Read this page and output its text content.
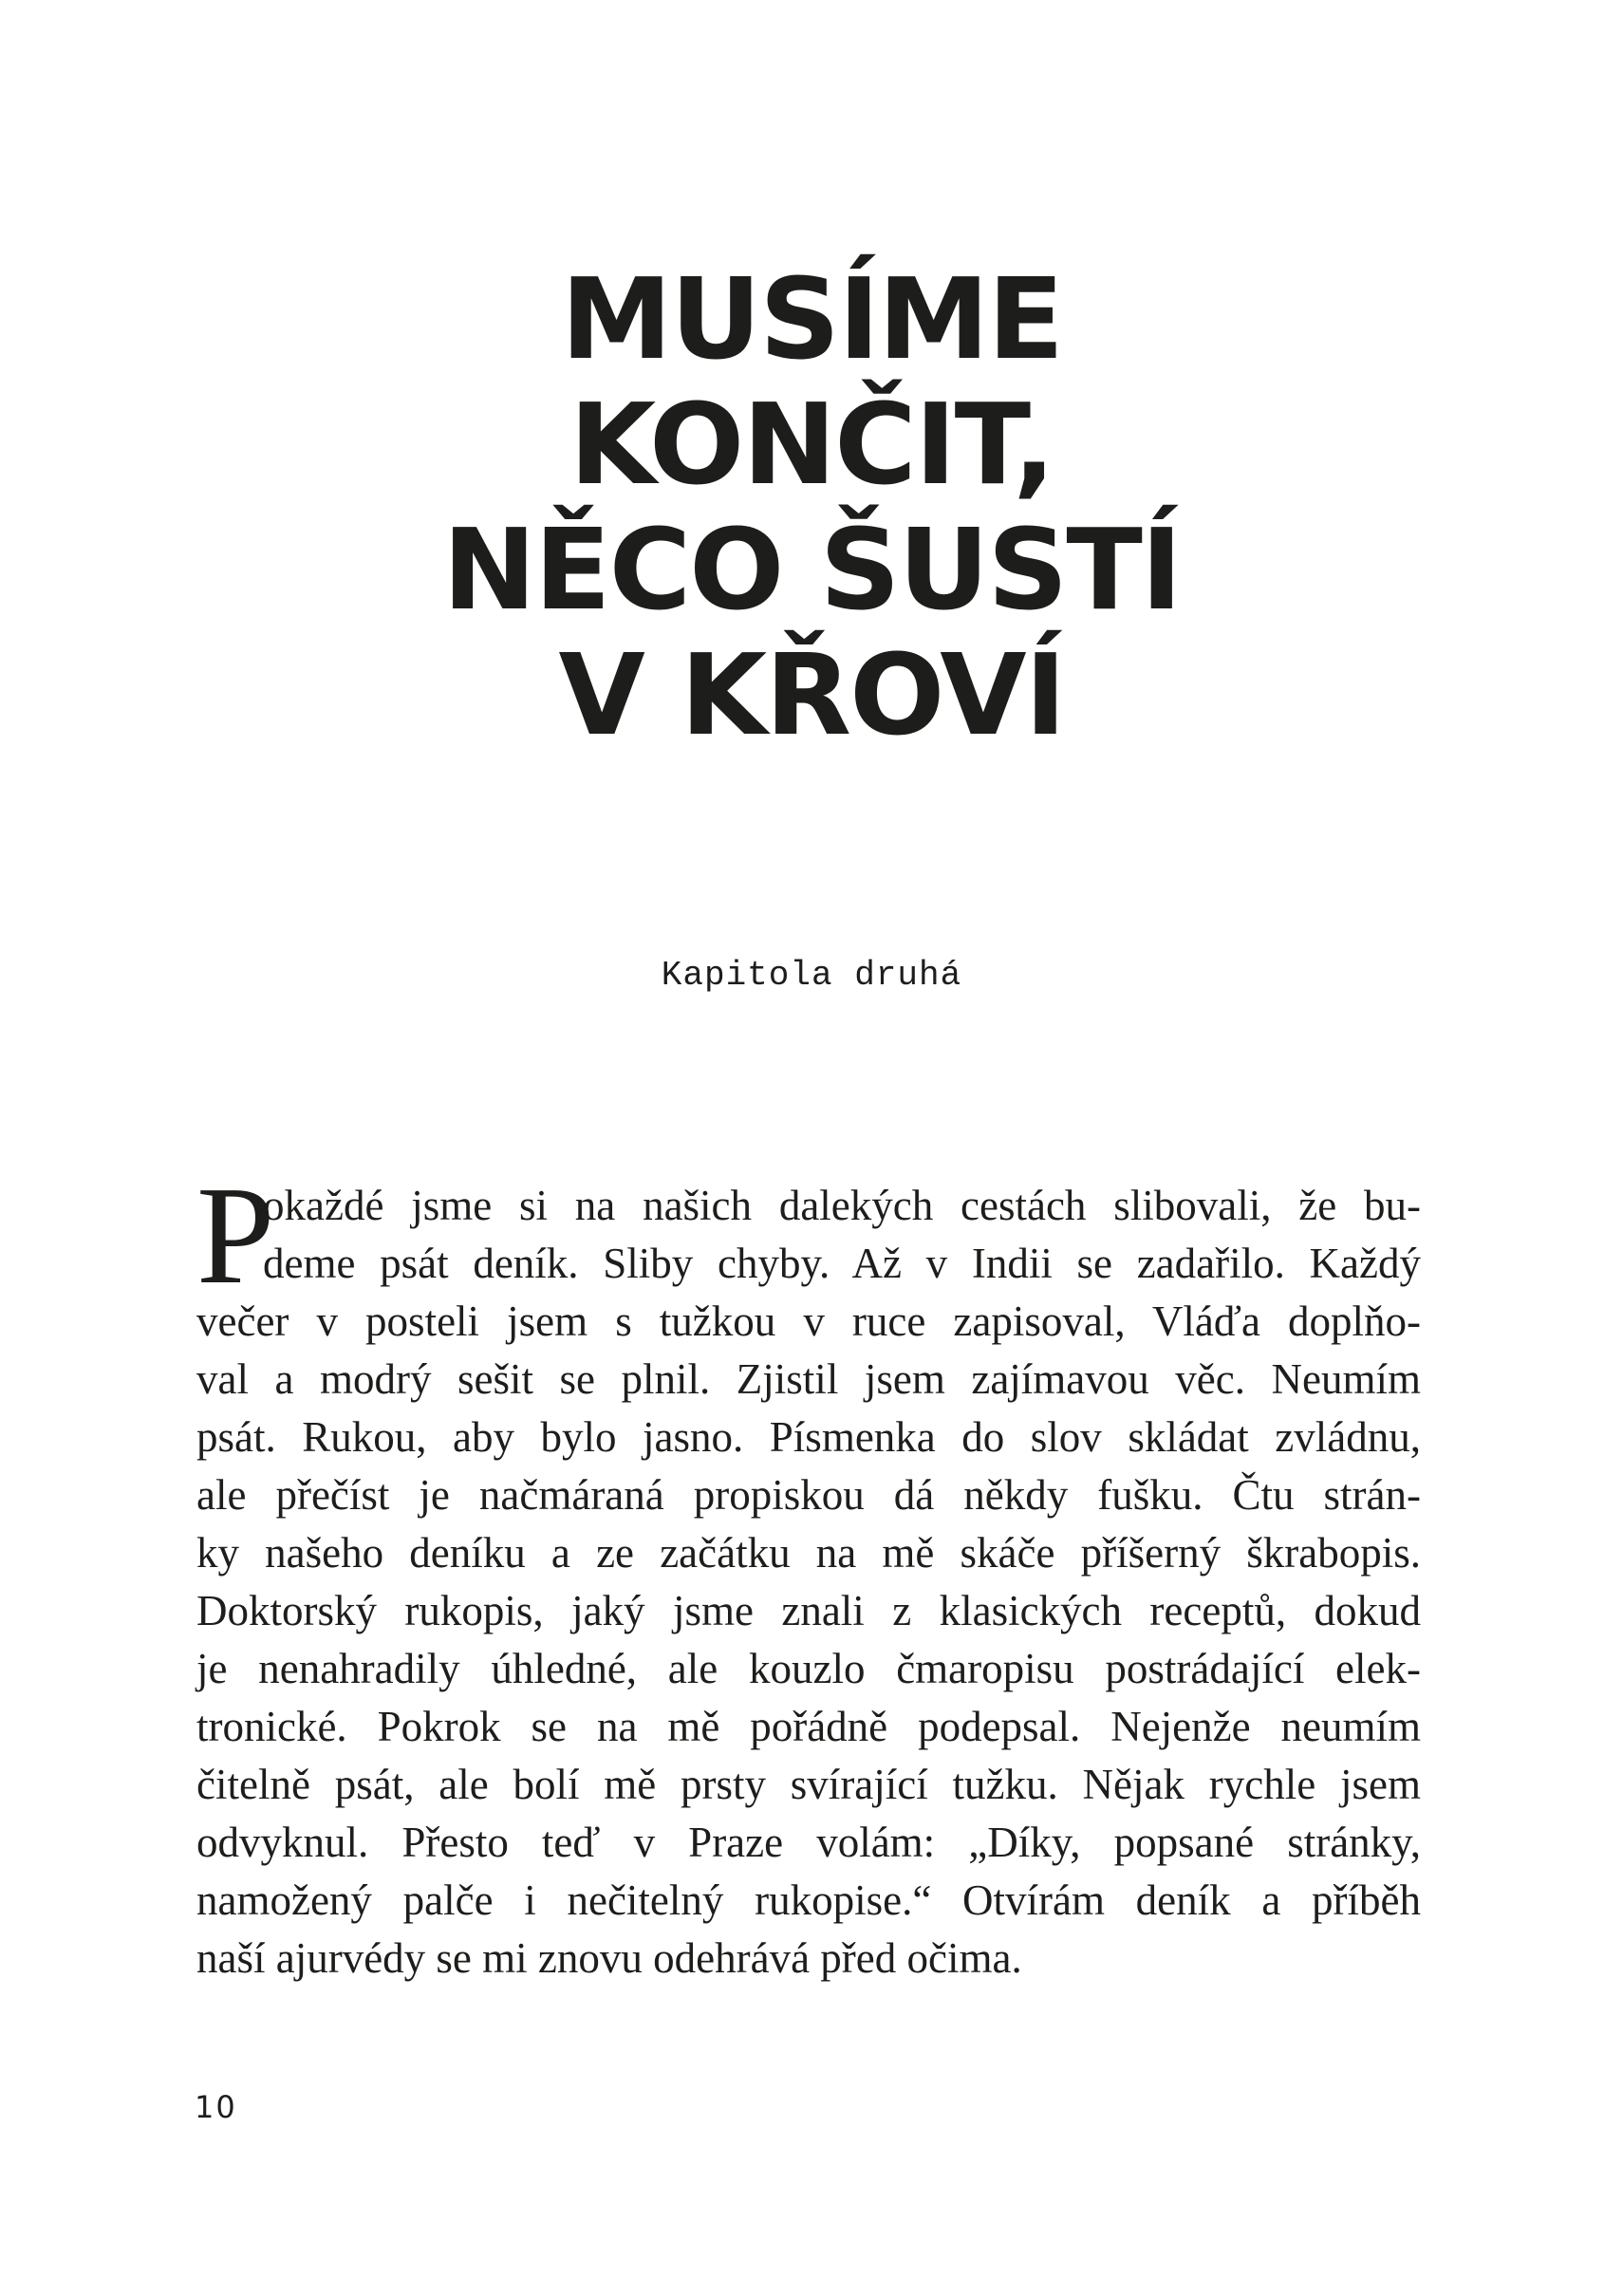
MUSÍME
KONČIT,
NĚCO ŠUSTÍ
V KŘOVÍ
Kapitola druhá
P
okaždé jsme si na našich dalekých cestách slibovali, že bu-
deme psát deník. Sliby chyby. Až v Indii se zadařilo. Každý
večer v posteli jsem s tužkou v ruce zapisoval, Vláďa doplňo-
val a modrý sešit se plnil. Zjistil jsem zajímavou věc. Neumím
psát. Rukou, aby bylo jasno. Písmenka do slov skládat zvládnu,
ale přečíst je načmáraná propiskou dá někdy fušku. Čtu strán-
ky našeho deníku a ze začátku na mě skáče příšerný škrabopis.
Doktorský rukopis, jaký jsme znali z klasických receptů, dokud
je nenahradily úhledné, ale kouzlo čmaropisu postrádající elek-
tronické. Pokrok se na mě pořádně podepsal. Nejenže neumím
čitelně psát, ale bolí mě prsty svírající tužku. Nějak rychle jsem
odvyknul. Přesto teď v Praze volám: „Díky, popsané stránky,
namožený palče i nečitelný rukopise.“ Otvírám deník a příběh
naší ajurvédy se mi znovu odehrává před očima.
10
